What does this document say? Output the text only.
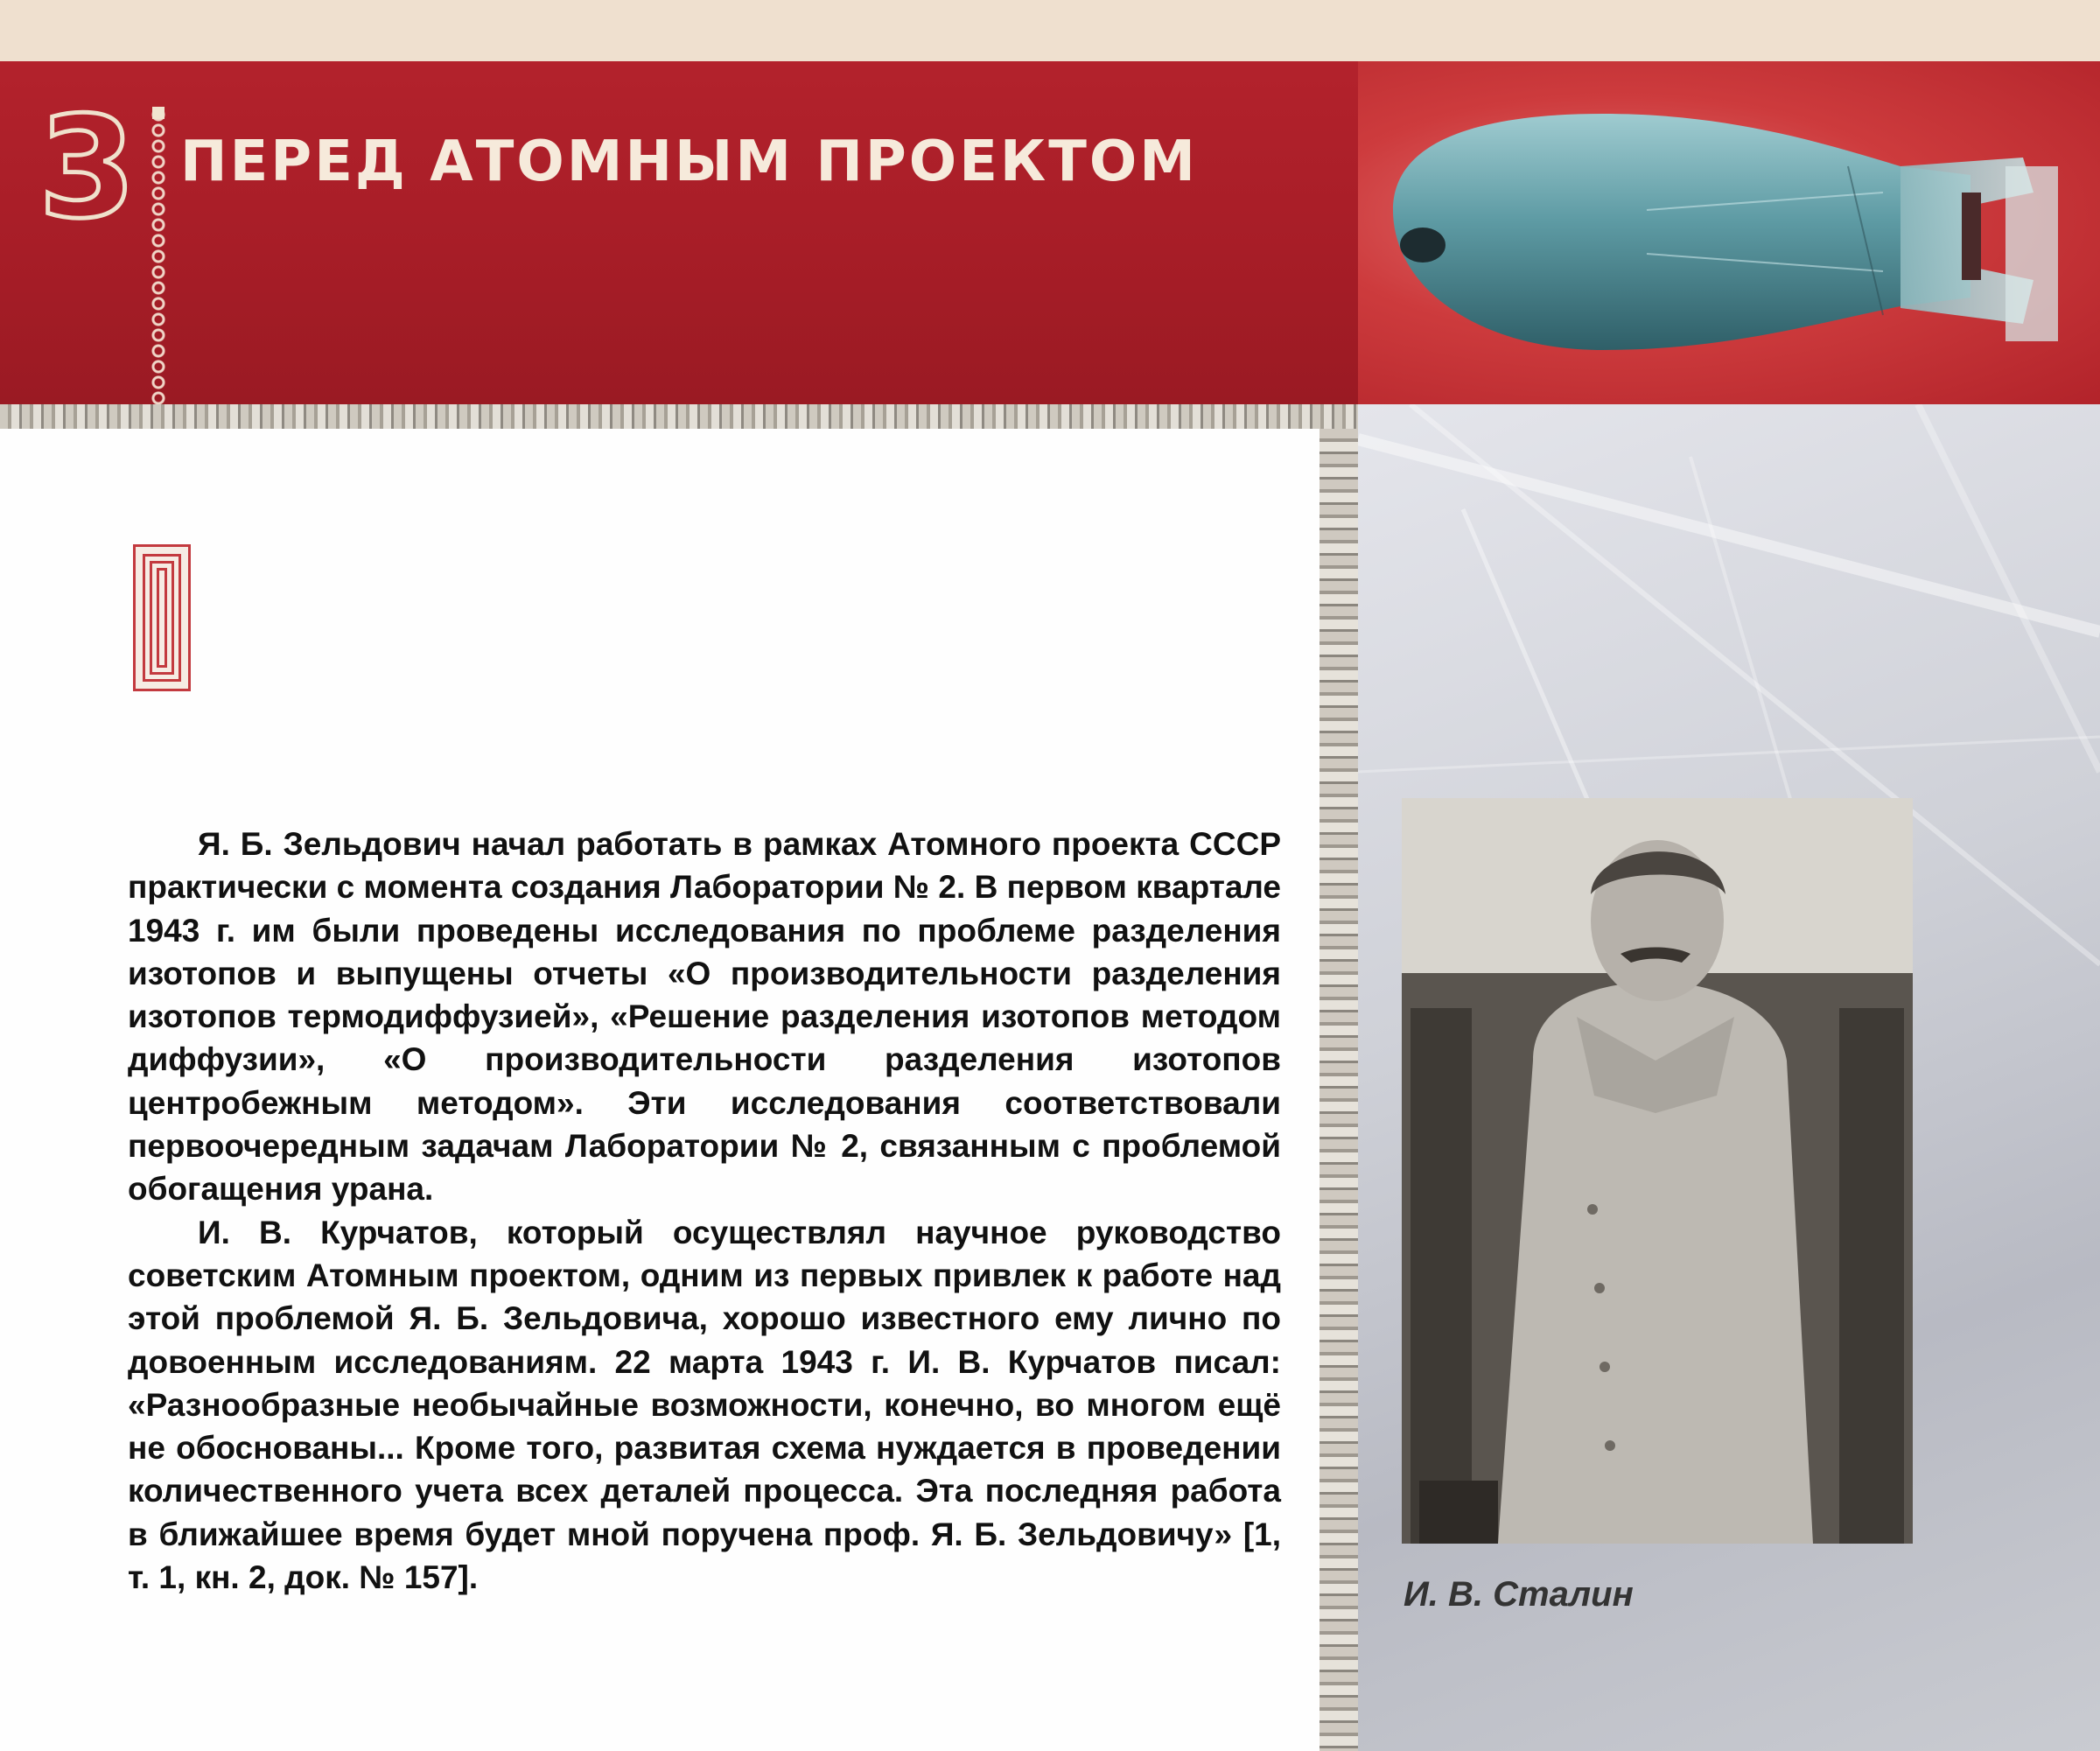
3 ПЕРЕД АТОМНЫМ ПРОЕКТОМ

И. В. Сталин

Я. Б. Зельдович начал работать в рамках Атомного проекта СССР практически с момента создания Лаборатории № 2. В первом квартале 1943 г. им были проведены исследования по проблеме разделения изотопов и выпущены отчеты «О производительности разделения изотопов термодиффузией», «Решение разделения изотопов методом диффузии», «О производительности разделения изотопов центробежным методом». Эти исследования соответствовали первоочередным задачам Лаборатории № 2, связанным с проблемой обогащения урана.

И. В. Курчатов, который осуществлял научное руководство советским Атомным проектом, одним из первых привлек к работе над этой проблемой Я. Б. Зельдовича, хорошо известного ему лично по довоенным исследованиям. 22 марта 1943 г. И. В. Курчатов писал: «Разнообразные необычайные возможности, конечно, во многом ещё не обоснованы... Кроме того, развитая схема нуждается в проведении количественного учета всех деталей процесса. Эта последняя работа в ближайшее время будет мной поручена проф. Я. Б. Зельдовичу» [1, т. 1, кн. 2, док. № 157].
